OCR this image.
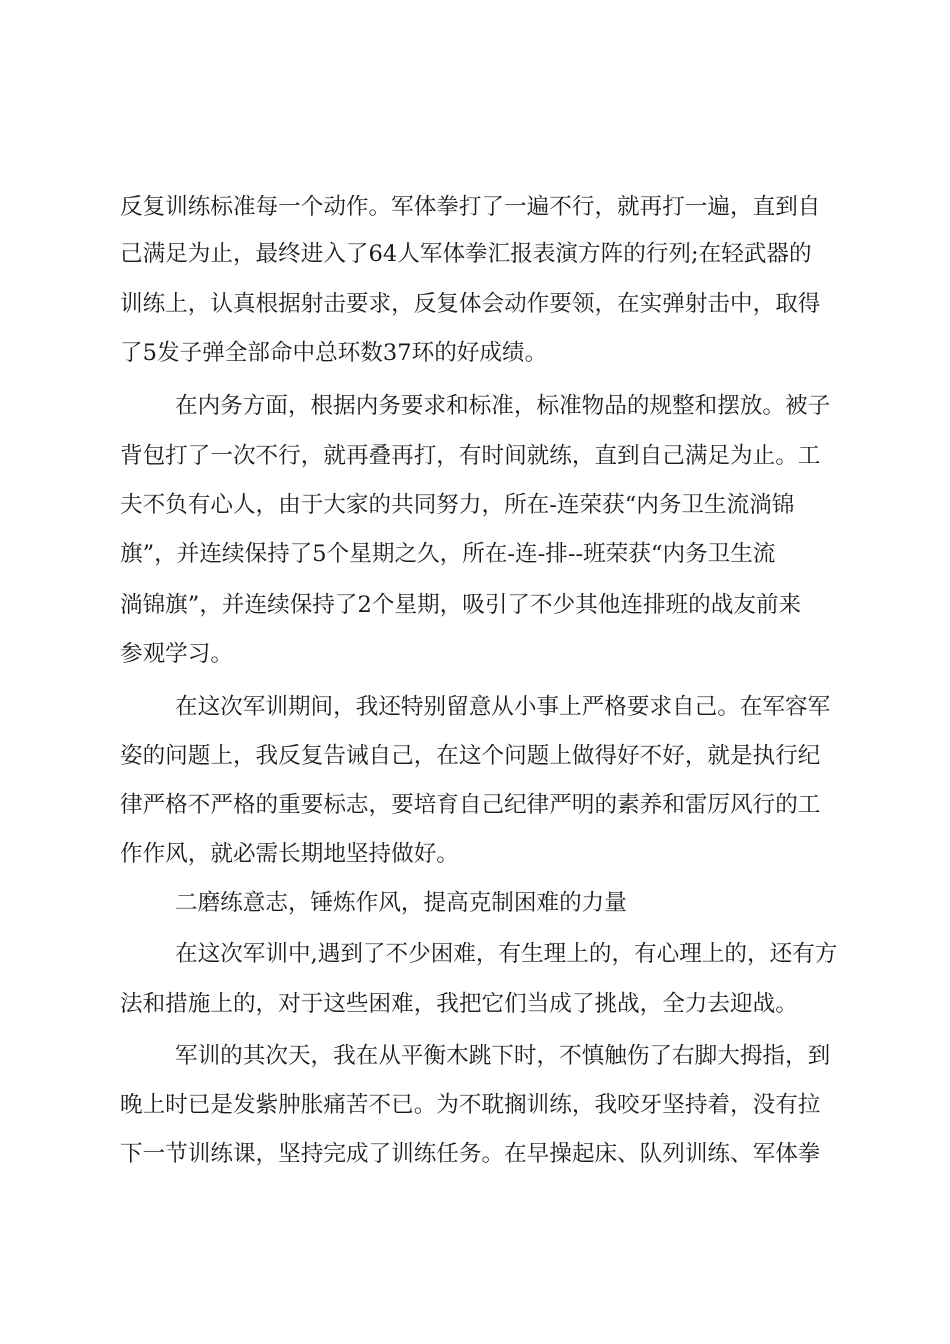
反复训练标准每一个动作。军体拳打了一遍不行，就再打一遍，直到自
己满足为止，最终进入了64人军体拳汇报表演方阵的行列;在轻武器的
训练上，认真根据射击要求，反复体会动作要领，在实弹射击中，取得
了5发子弹全部命中总环数37环的好成绩。
在内务方面，根据内务要求和标准，标准物品的规整和摆放。被子
背包打了一次不行，就再叠再打，有时间就练，直到自己满足为止。工
夫不负有心人，由于大家的共同努力，所在-连荣获“内务卫生流淌锦
旗”，并连续保持了5个星期之久，所在-连-排--班荣获“内务卫生流
淌锦旗”，并连续保持了2个星期，吸引了不少其他连排班的战友前来
参观学习。
在这次军训期间，我还特别留意从小事上严格要求自己。在军容军
姿的问题上，我反复告诫自己，在这个问题上做得好不好，就是执行纪
律严格不严格的重要标志，要培育自己纪律严明的素养和雷厉风行的工
作作风，就必需长期地坚持做好。
二磨练意志，锤炼作风，提高克制困难的力量
在这次军训中,遇到了不少困难，有生理上的，有心理上的，还有方
法和措施上的，对于这些困难，我把它们当成了挑战，全力去迎战。
军训的其次天，我在从平衡木跳下时，不慎触伤了右脚大拇指，到
晚上时已是发紫肿胀痛苦不已。为不耽搁训练，我咬牙坚持着，没有拉
下一节训练课，坚持完成了训练任务。在早操起床、队列训练、军体拳
